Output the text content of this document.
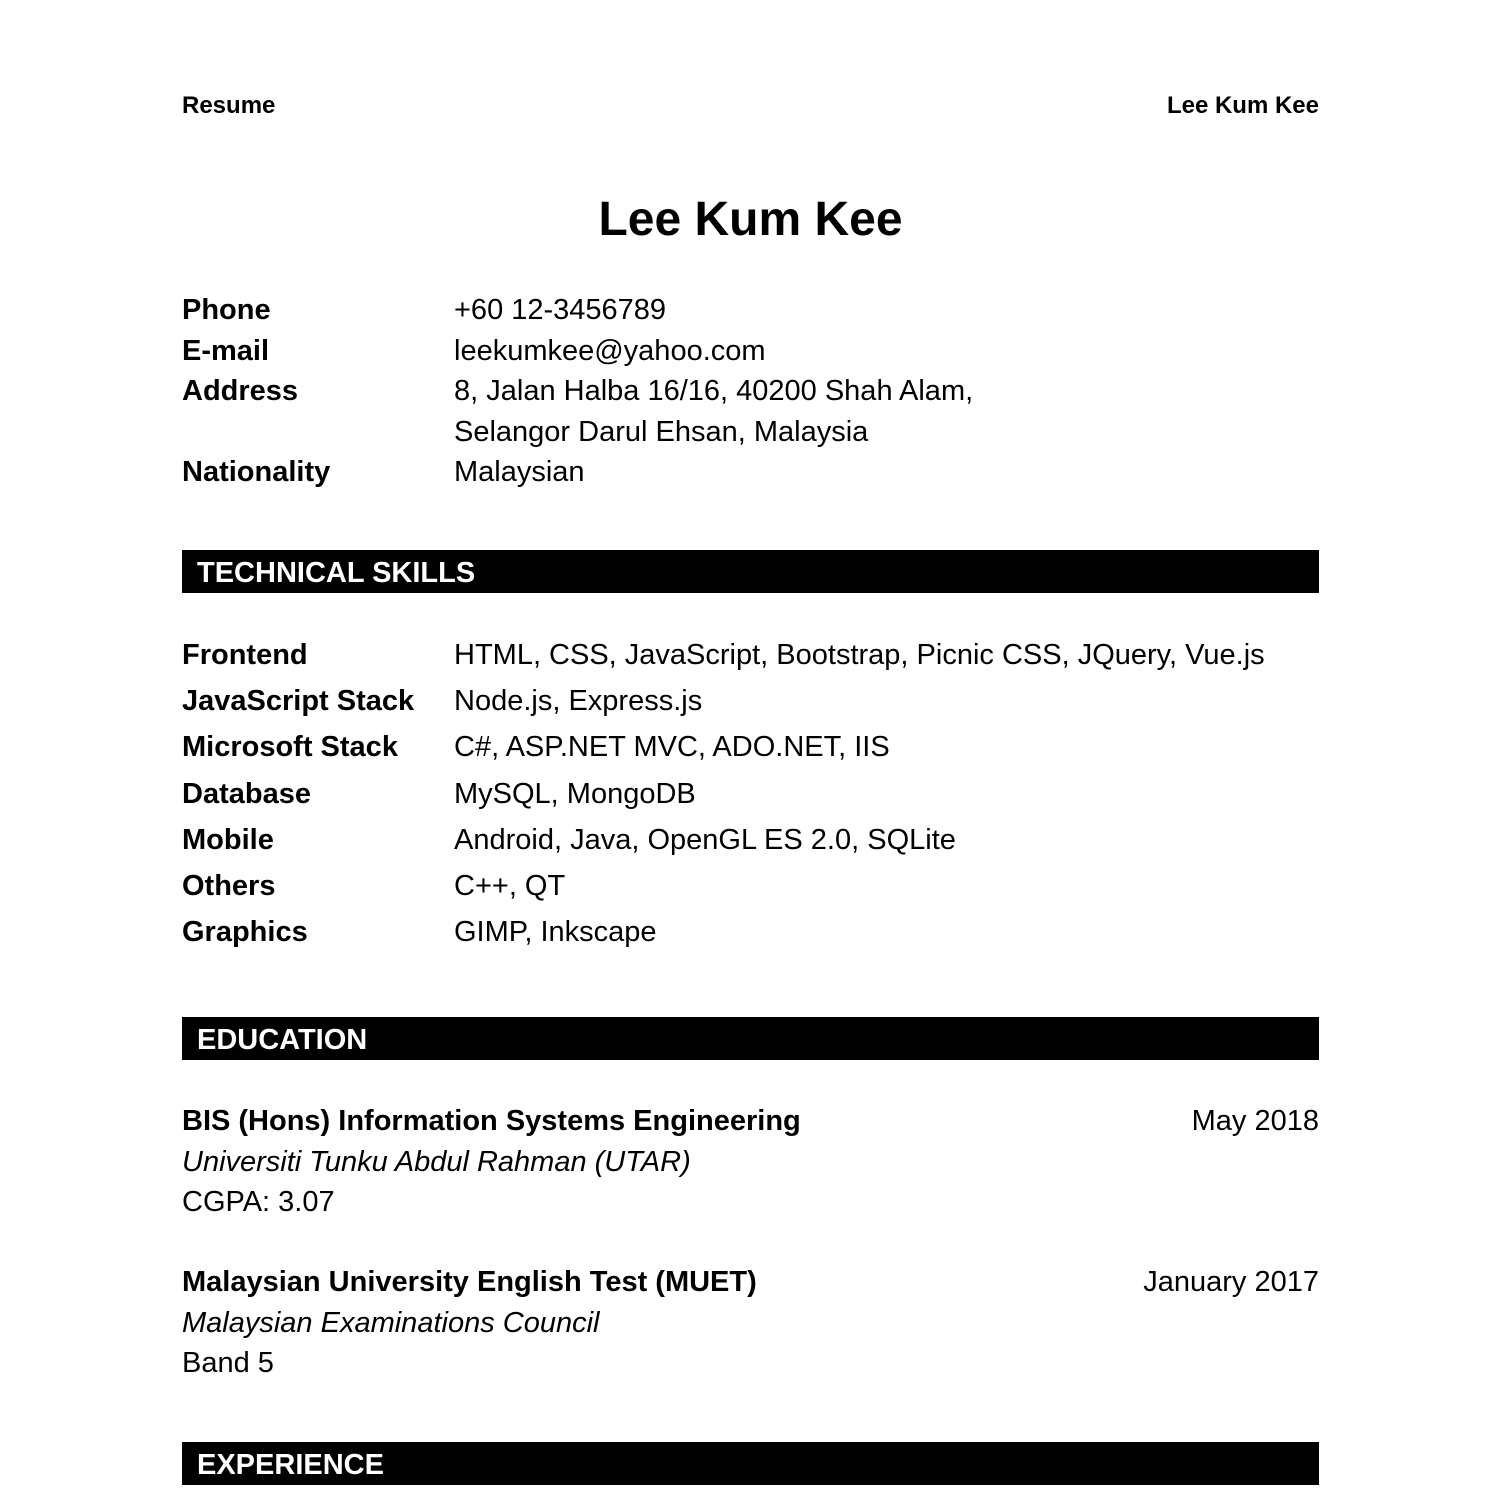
Resume	Lee Kum Kee
Lee Kum Kee
Phone	+60 12-3456789
E-mail	leekumkee@yahoo.com
Address	8, Jalan Halba 16/16, 40200 Shah Alam,
Selangor Darul Ehsan, Malaysia
Nationality	Malaysian
TECHNICAL SKILLS
Frontend	HTML, CSS, JavaScript, Bootstrap, Picnic CSS, JQuery, Vue.js
JavaScript Stack	Node.js, Express.js
Microsoft Stack	C#, ASP.NET MVC, ADO.NET, IIS
Database	MySQL, MongoDB
Mobile	Android, Java, OpenGL ES 2.0, SQLite
Others	C++, QT
Graphics	GIMP, Inkscape
EDUCATION
BIS (Hons) Information Systems Engineering	May 2018
Universiti Tunku Abdul Rahman (UTAR)
CGPA: 3.07
Malaysian University English Test (MUET)	January 2017
Malaysian Examinations Council
Band 5
EXPERIENCE
